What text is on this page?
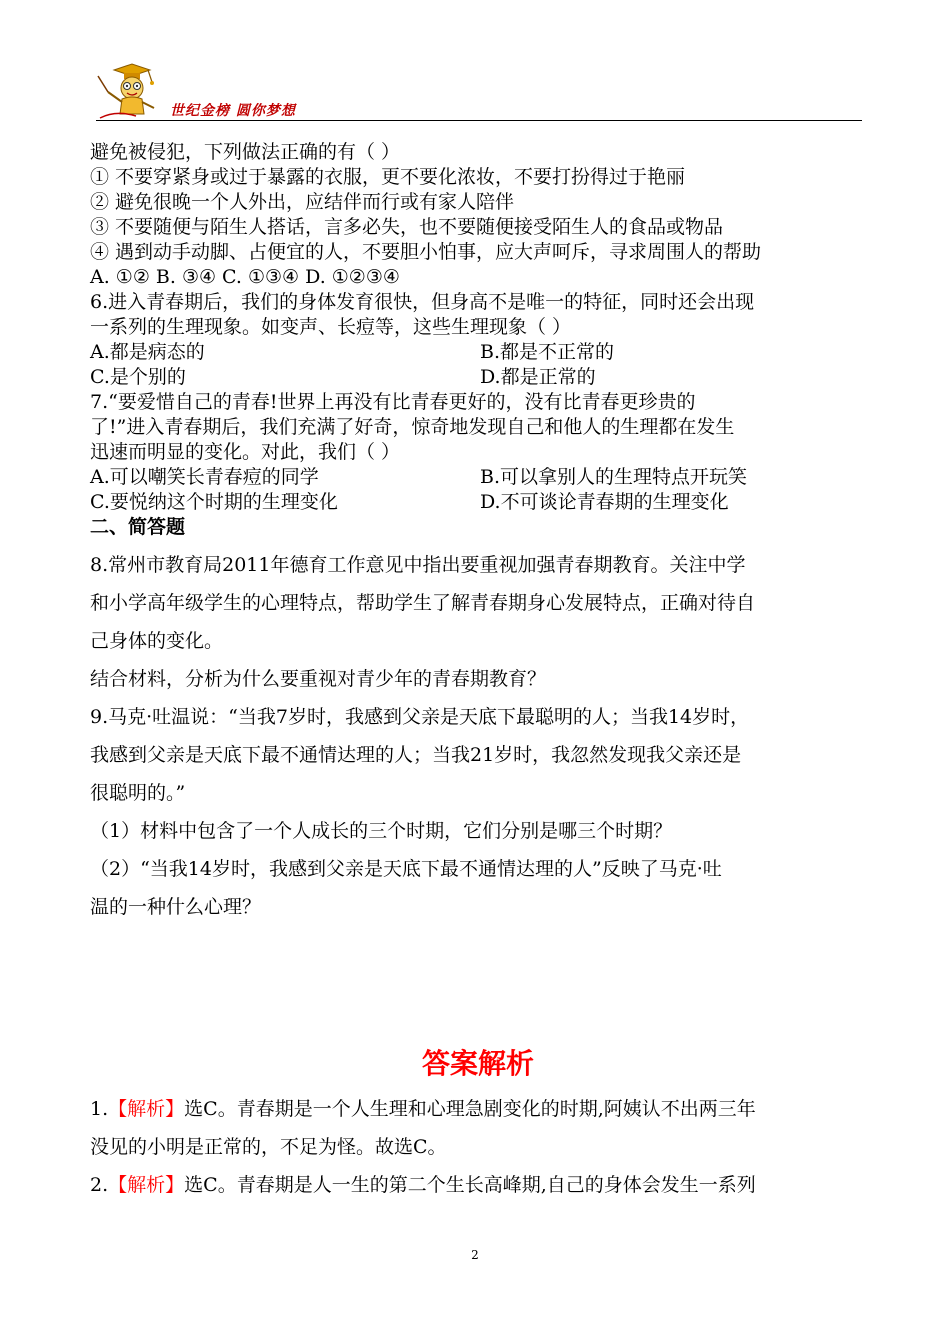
世纪金榜 圆你梦想
避免被侵犯，下列做法正确的有（ ）
① 不要穿紧身或过于暴露的衣服，更不要化浓妆，不要打扮得过于艳丽
② 避免很晚一个人外出，应结伴而行或有家人陪伴
③ 不要随便与陌生人搭话，言多必失，也不要随便接受陌生人的食品或物品
④ 遇到动手动脚、占便宜的人，不要胆小怕事，应大声呵斥，寻求周围人的帮助
A. ①② B. ③④ C. ①③④ D. ①②③④
6.进入青春期后，我们的身体发育很快，但身高不是唯一的特征，同时还会出现
一系列的生理现象。如变声、长痘等，这些生理现象（ ）
A.都是病态的	B.都是不正常的
C.是个别的	D.都是正常的
7.“要爱惜自己的青春!世界上再没有比青春更好的，没有比青春更珍贵的
了!”进入青春期后，我们充满了好奇，惊奇地发现自己和他人的生理都在发生
迅速而明显的变化。对此，我们（ ）
A.可以嘲笑长青春痘的同学	B.可以拿别人的生理特点开玩笑
C.要悦纳这个时期的生理变化	D.不可谈论青春期的生理变化
二、简答题
8.常州市教育局2011年德育工作意见中指出要重视加强青春期教育。关注中学
和小学高年级学生的心理特点，帮助学生了解青春期身心发展特点，正确对待自
己身体的变化。
结合材料，分析为什么要重视对青少年的青春期教育？
9.马克·吐温说：“当我7岁时，我感到父亲是天底下最聪明的人；当我14岁时，
我感到父亲是天底下最不通情达理的人；当我21岁时，我忽然发现我父亲还是
很聪明的。”
（1）材料中包含了一个人成长的三个时期，它们分别是哪三个时期？
（2）“当我14岁时，我感到父亲是天底下最不通情达理的人”反映了马克·吐
温的一种什么心理？
答案解析
1.【解析】选C。青春期是一个人生理和心理急剧变化的时期,阿姨认不出两三年
没见的小明是正常的，不足为怪。故选C。
2.【解析】选C。青春期是人一生的第二个生长高峰期,自己的身体会发生一系列
2
